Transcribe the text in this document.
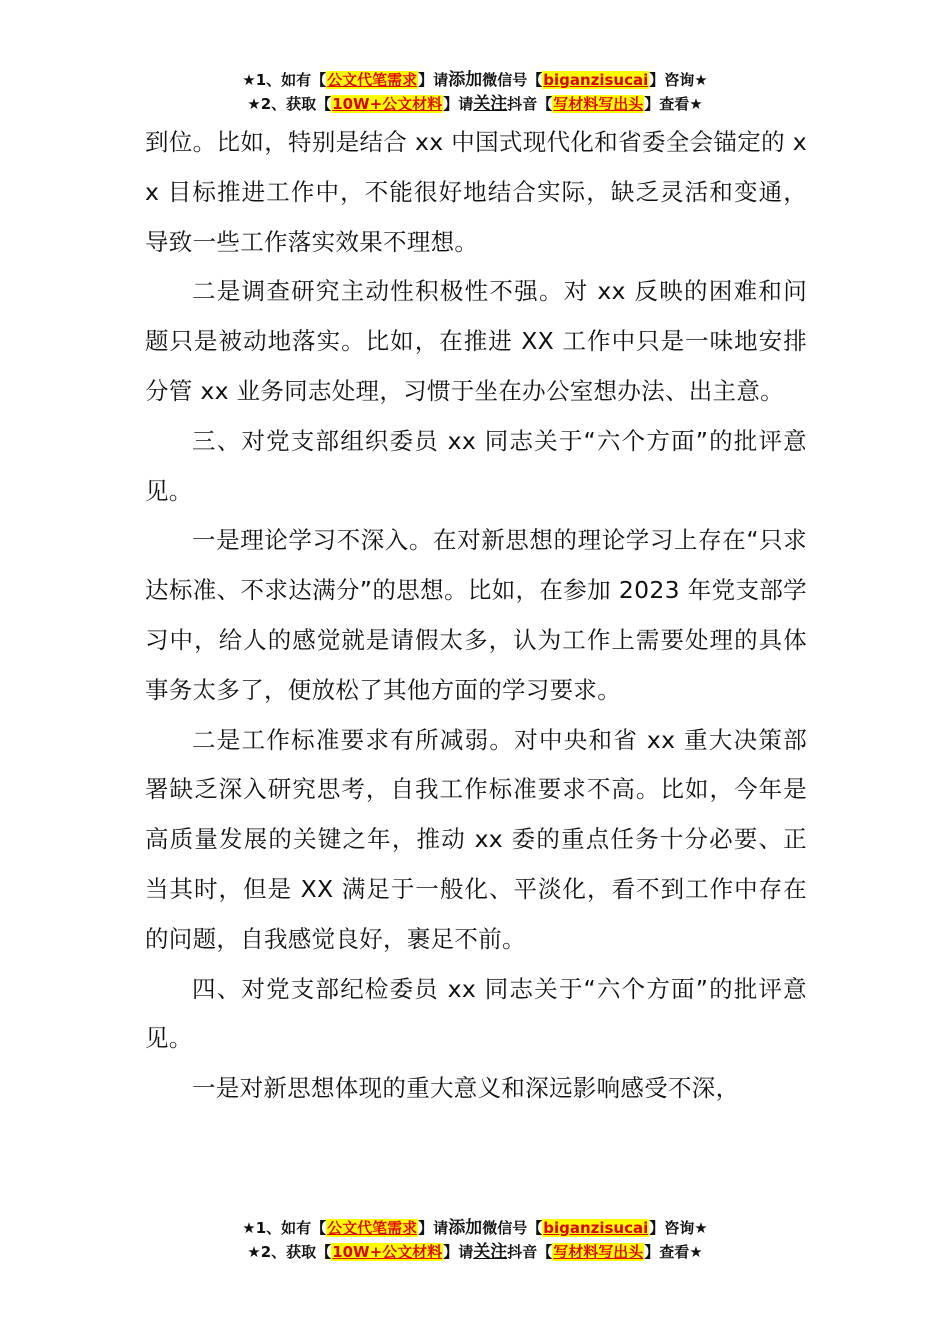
★1、如有【公文代笔需求】请添加微信号【biganzisucai】咨询★
★2、获取【10W+公文材料】请关注抖音【写材料写出头】查看★

到位。比如，特别是结合 xx 中国式现代化和省委全会锚定的 xx 目标推进工作中，不能很好地结合实际，缺乏灵活和变通，导致一些工作落实效果不理想。

二是调查研究主动性积极性不强。对 xx 反映的困难和问题只是被动地落实。比如，在推进 XX 工作中只是一味地安排分管 xx 业务同志处理，习惯于坐在办公室想办法、出主意。

三、对党支部组织委员 xx 同志关于“六个方面”的批评意见。

一是理论学习不深入。在对新思想的理论学习上存在“只求达标准、不求达满分”的思想。比如，在参加 2023 年党支部学习中，给人的感觉就是请假太多，认为工作上需要处理的具体事务太多了，便放松了其他方面的学习要求。

二是工作标准要求有所减弱。对中央和省 xx 重大决策部署缺乏深入研究思考，自我工作标准要求不高。比如，今年是高质量发展的关键之年，推动 xx 委的重点任务十分必要、正当其时，但是 XX 满足于一般化、平淡化，看不到工作中存在的问题，自我感觉良好，裹足不前。

四、对党支部纪检委员 xx 同志关于“六个方面”的批评意见。

一是对新思想体现的重大意义和深远影响感受不深，

★1、如有【公文代笔需求】请添加微信号【biganzisucai】咨询★
★2、获取【10W+公文材料】请关注抖音【写材料写出头】查看★
